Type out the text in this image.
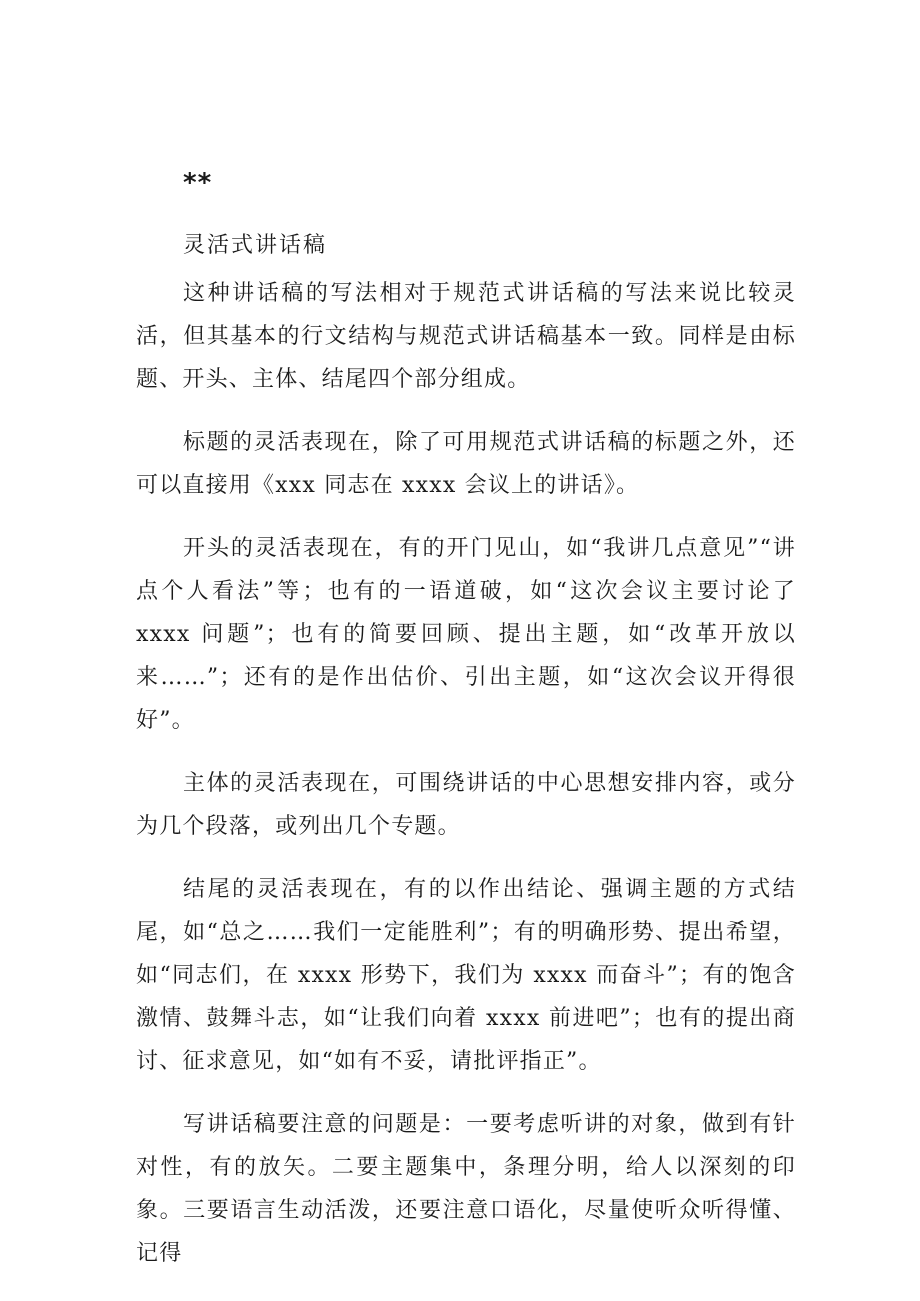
**
灵活式讲话稿

这种讲话稿的写法相对于规范式讲话稿的写法来说比较灵活，但其基本的行文结构与规范式讲话稿基本一致。同样是由标题、开头、主体、结尾四个部分组成。

标题的灵活表现在，除了可用规范式讲话稿的标题之外，还可以直接用《xxx 同志在 xxxx 会议上的讲话》。

开头的灵活表现在，有的开门见山，如“我讲几点意见”“讲点个人看法”等；也有的一语道破，如“这次会议主要讨论了 xxxx 问题”；也有的简要回顾、提出主题，如“改革开放以来……”；还有的是作出估价、引出主题，如“这次会议开得很好”。

主体的灵活表现在，可围绕讲话的中心思想安排内容，或分为几个段落，或列出几个专题。

结尾的灵活表现在，有的以作出结论、强调主题的方式结尾，如“总之……我们一定能胜利”；有的明确形势、提出希望，如“同志们，在 xxxx 形势下，我们为 xxxx 而奋斗”；有的饱含激情、鼓舞斗志，如“让我们向着 xxxx 前进吧”；也有的提出商讨、征求意见，如“如有不妥，请批评指正”。

写讲话稿要注意的问题是：一要考虑听讲的对象，做到有针对性，有的放矢。二要主题集中，条理分明，给人以深刻的印象。三要语言生动活泼，还要注意口语化，尽量使听众听得懂、记得
